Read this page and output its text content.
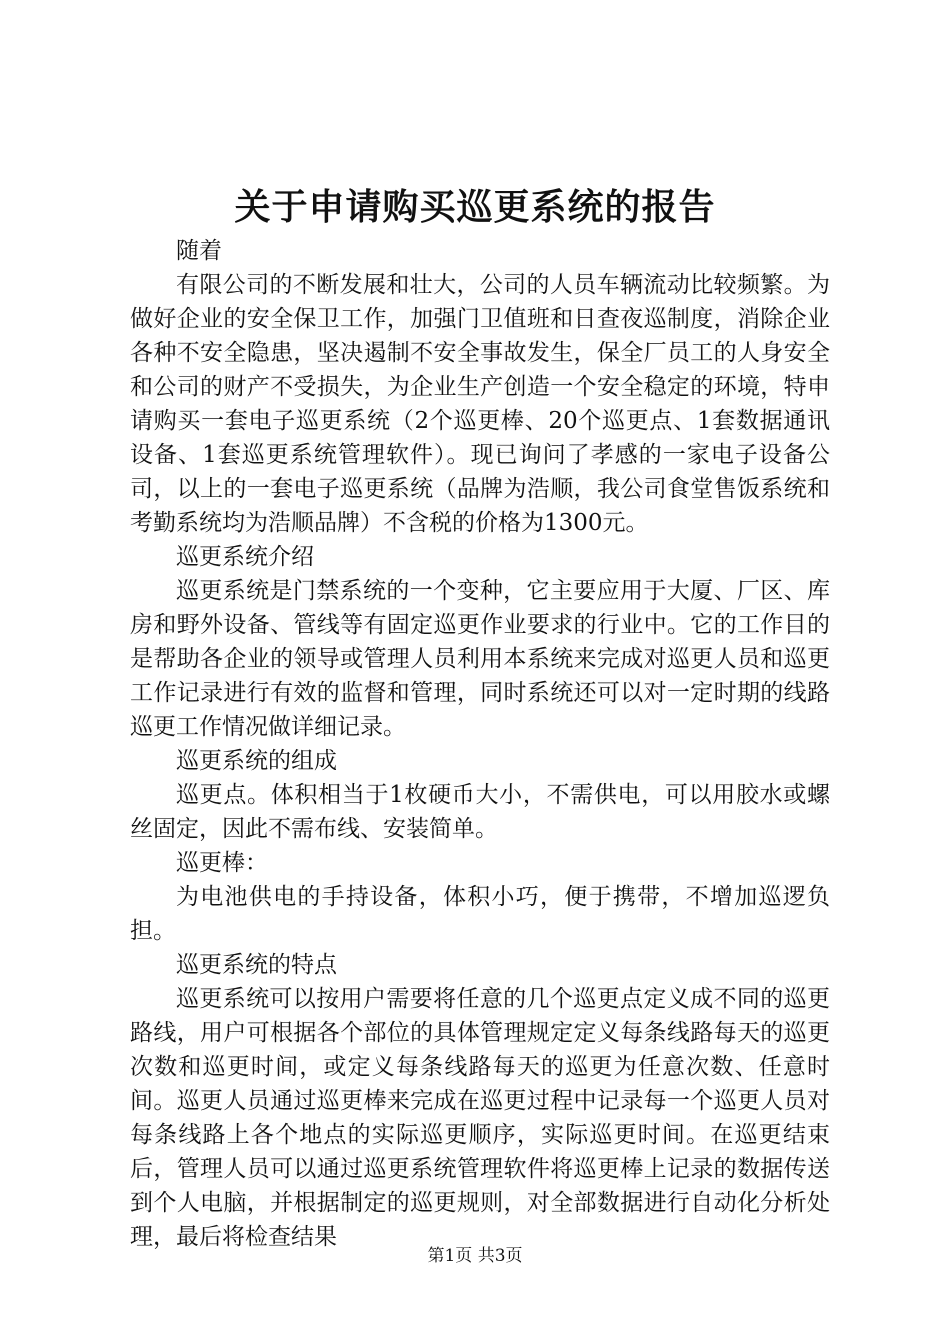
关于申请购买巡更系统的报告

随着

有限公司的不断发展和壮大，公司的人员车辆流动比较频繁。为做好企业的安全保卫工作，加强门卫值班和日查夜巡制度，消除企业各种不安全隐患，坚决遏制不安全事故发生，保全厂员工的人身安全和公司的财产不受损失，为企业生产创造一个安全稳定的环境，特申请购买一套电子巡更系统（2个巡更棒、20个巡更点、1套数据通讯设备、1套巡更系统管理软件）。现已询问了孝感的一家电子设备公司，以上的一套电子巡更系统（品牌为浩顺，我公司食堂售饭系统和考勤系统均为浩顺品牌）不含税的价格为1300元。

巡更系统介绍

巡更系统是门禁系统的一个变种，它主要应用于大厦、厂区、库房和野外设备、管线等有固定巡更作业要求的行业中。它的工作目的是帮助各企业的领导或管理人员利用本系统来完成对巡更人员和巡更工作记录进行有效的监督和管理，同时系统还可以对一定时期的线路巡更工作情况做详细记录。

巡更系统的组成

巡更点。体积相当于1枚硬币大小，不需供电，可以用胶水或螺丝固定，因此不需布线、安装简单。

巡更棒：

为电池供电的手持设备，体积小巧，便于携带，不增加巡逻负担。

巡更系统的特点

巡更系统可以按用户需要将任意的几个巡更点定义成不同的巡更路线，用户可根据各个部位的具体管理规定定义每条线路每天的巡更次数和巡更时间，或定义每条线路每天的巡更为任意次数、任意时间。巡更人员通过巡更棒来完成在巡更过程中记录每一个巡更人员对每条线路上各个地点的实际巡更顺序，实际巡更时间。在巡更结束后，管理人员可以通过巡更系统管理软件将巡更棒上记录的数据传送到个人电脑，并根据制定的巡更规则，对全部数据进行自动化分析处理，最后将检查结果

第1页 共3页
